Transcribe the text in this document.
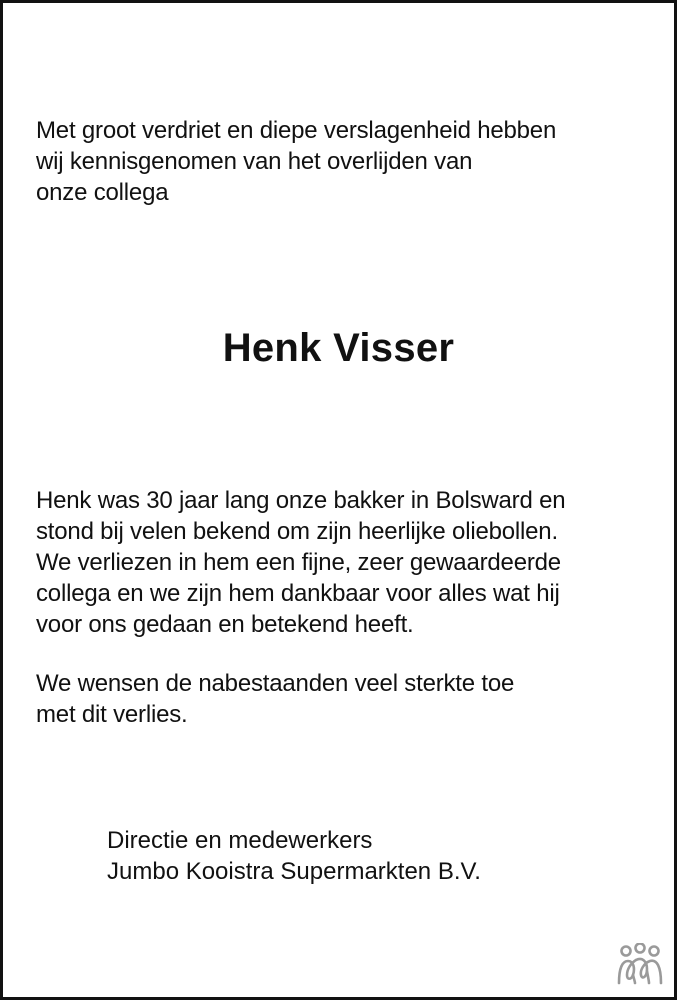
Met groot verdriet en diepe verslagenheid hebben
wij kennisgenomen van het overlijden van
onze collega
Henk Visser
Henk was 30 jaar lang onze bakker in Bolsward en
stond bij velen bekend om zijn heerlijke oliebollen.
We verliezen in hem een fijne, zeer gewaardeerde
collega en we zijn hem dankbaar voor alles wat hij
voor ons gedaan en betekend heeft.
We wensen de nabestaanden veel sterkte toe
met dit verlies.
Directie en medewerkers
Jumbo Kooistra Supermarkten B.V.
